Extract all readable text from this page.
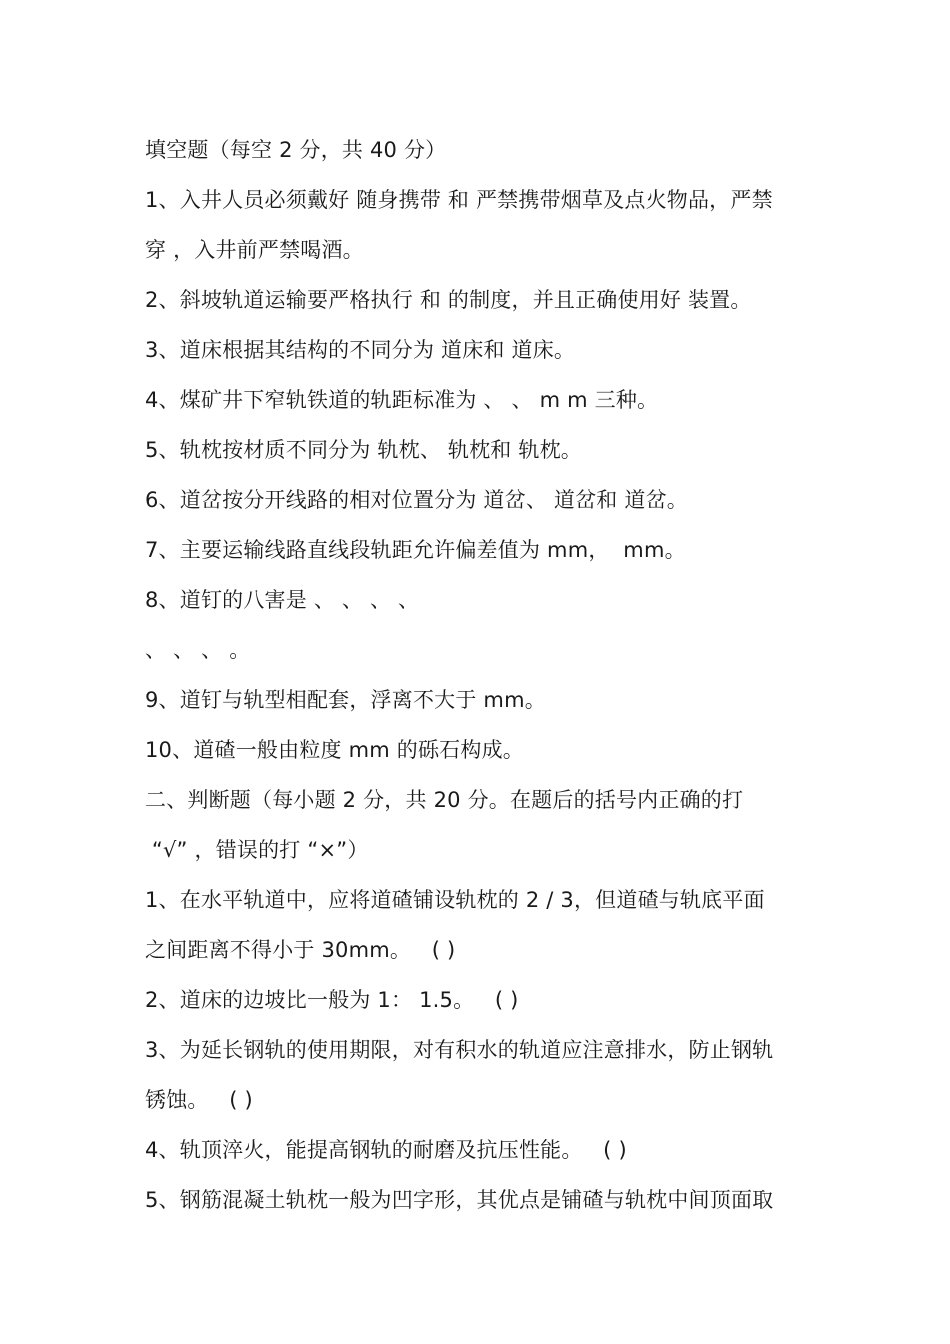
填空题（每空 2 分，共 40 分）
1、入井人员必须戴好 随身携带 和 严禁携带烟草及点火物品，严禁
穿 ，入井前严禁喝酒。
2、斜坡轨道运输要严格执行 和 的制度，并且正确使用好 装置。
3、道床根据其结构的不同分为 道床和 道床。
4、煤矿井下窄轨铁道的轨距标准为 、 、 m m 三种。
5、轨枕按材质不同分为 轨枕、 轨枕和 轨枕。
6、道岔按分开线路的相对位置分为 道岔、 道岔和 道岔。
7、主要运输线路直线段轨距允许偏差值为 mm，  mm。
8、道钉的八害是 、 、 、 、
、 、 、 。
9、道钉与轨型相配套，浮离不大于 mm。
10、道碴一般由粒度 mm 的砾石构成。
二、判断题（每小题 2 分，共 20 分。在题后的括号内正确的打
“√” ，错误的打 “×”）
1、在水平轨道中，应将道碴铺设轨枕的 2 / 3，但道碴与轨底平面
之间距离不得小于 30mm。   ( )
2、道床的边坡比一般为 1： 1.5。   ( )
3、为延长钢轨的使用期限，对有积水的轨道应注意排水，防止钢轨
锈蚀。   ( )
4、轨顶淬火，能提高钢轨的耐磨及抗压性能。   ( )
5、钢筋混凝土轨枕一般为凹字形，其优点是铺碴与轨枕中间顶面取
